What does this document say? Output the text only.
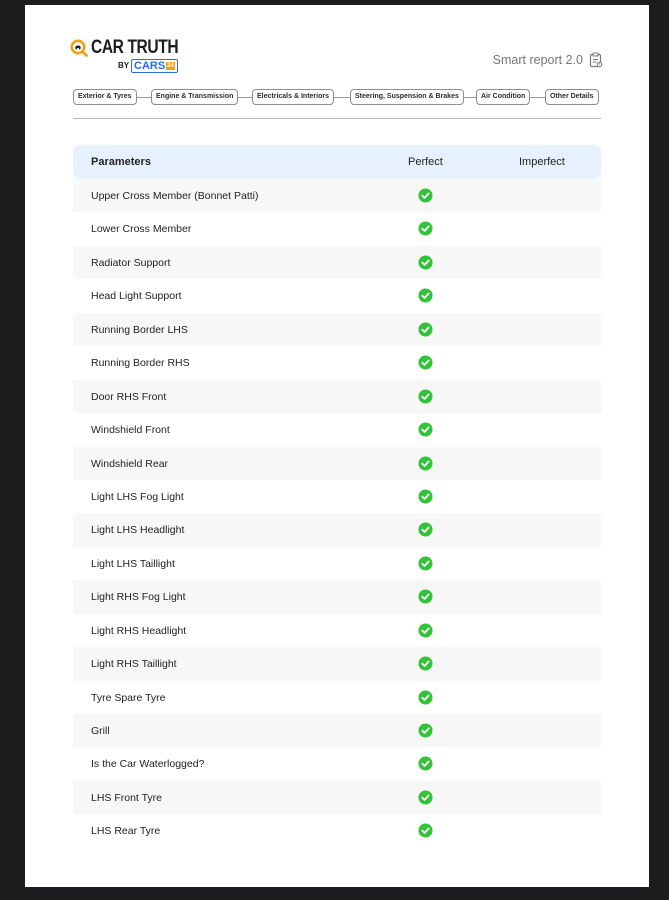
CAR TRUTH
BY CARS 24	Smart report 2.0
Exterior & Tyres	Engine & Transmission	Electricals & Interiors	Steering, Suspension & Brakes	Air Condition	Other Details
Parameters	Perfect	Imperfect
Upper Cross Member (Bonnet Patti)
Lower Cross Member
Radiator Support
Head Light Support
Running Border LHS
Running Border RHS
Door RHS Front
Windshield Front
Windshield Rear
Light LHS Fog Light
Light LHS Headlight
Light LHS Taillight
Light RHS Fog Light
Light RHS Headlight
Light RHS Taillight
Tyre Spare Tyre
Grill
Is the Car Waterlogged?
LHS Front Tyre
LHS Rear Tyre
